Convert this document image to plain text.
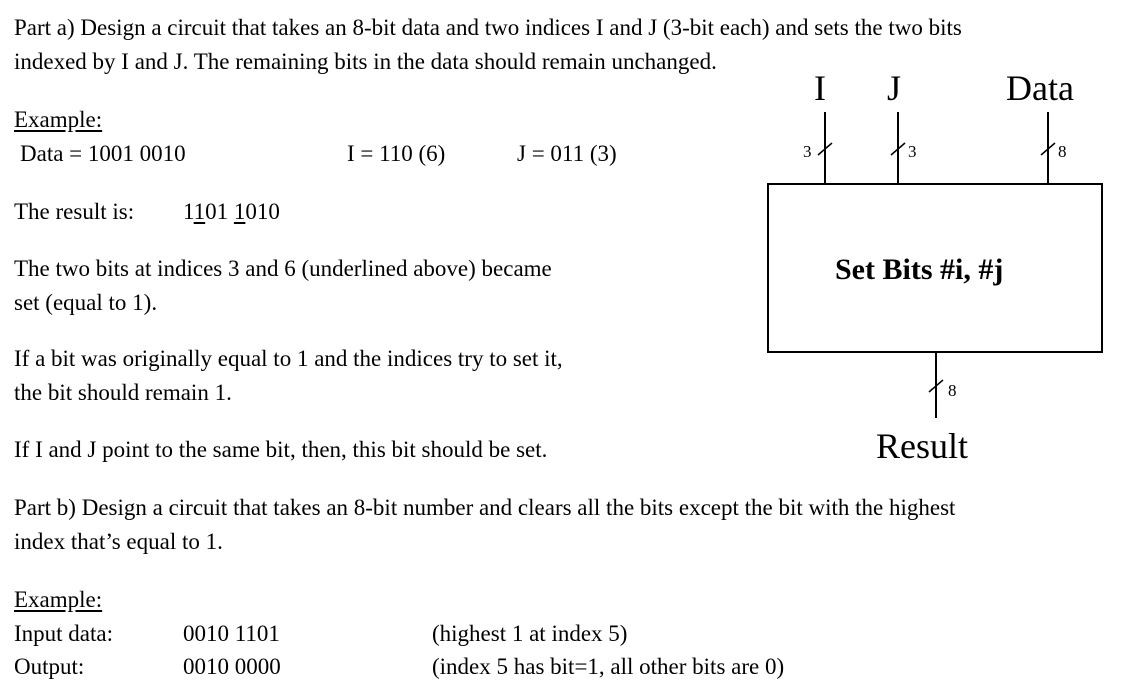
Part a) Design a circuit that takes an 8-bit data and two indices I and J (3-bit each) and sets the two bits
indexed by I and J. The remaining bits in the data should remain unchanged.
Example:
Data = 1001 0010	I = 110 (6)	J = 011 (3)
The result is: 1101 1010
The two bits at indices 3 and 6 (underlined above) became
set (equal to 1).
If a bit was originally equal to 1 and the indices try to set it,
the bit should remain 1.
If I and J point to the same bit, then, this bit should be set.
I J	Data
3	3	8
Set Bits #i, #j
8
Result
Part b) Design a circuit that takes an 8-bit number and clears all the bits except the bit with the highest
index that’s equal to 1.
Example:
Input data:	0010 1101	(highest 1 at index 5)
Output:	0010 0000	(index 5 has bit=1, all other bits are 0)
